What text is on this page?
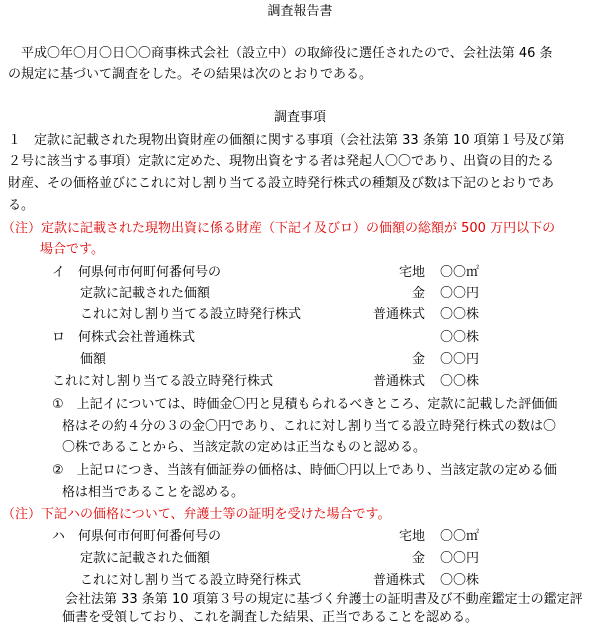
調査報告書
　平成〇年〇月〇日〇〇商事株式会社（設立中）の取締役に選任されたので、会社法第 46 条
の規定に基づいて調査をした。その結果は次のとおりである。
調査事項
１　定款に記載された現物出資財産の価額に関する事項（会社法第 33 条第 10 項第１号及び第
２号に該当する事項）定款に定めた、現物出資をする者は発起人〇〇であり、出資の目的たる
財産、その価格並びにこれに対し割り当てる設立時発行株式の種類及び数は下記のとおりであ
る。
（注）定款に記載された現物出資に係る財産（下記イ及びロ）の価額の総額が 500 万円以下の
場合です。
イ　何県何市何町何番何号の	宅地 〇〇㎡
定款に記載された価額	金 〇〇円
これに対し割り当てる設立時発行株式	普通株式 〇〇株
ロ　何株式会社普通株式	〇〇株
価額	金 〇〇円
これに対し割り当てる設立時発行株式	普通株式 〇〇株
①　上記イについては、時価金〇円と見積もられるべきところ、定款に記載した評価価
格はその約４分の３の金〇円であり、これに対し割り当てる設立時発行株式の数は〇
〇株であることから、当該定款の定めは正当なものと認める。
②　上記ロにつき、当該有価証券の価格は、時価〇円以上であり、当該定款の定める価
格は相当であることを認める。
（注）下記ハの価格について、弁護士等の証明を受けた場合です。
ハ　何県何市何町何番何号の	宅地 〇〇㎡
定款に記載された価額	金 〇〇円
これに対し割り当てる設立時発行株式	普通株式 〇〇株
　会社法第 33 条第 10 項第３号の規定に基づく弁護士の証明書及び不動産鑑定士の鑑定評
価書を受領しており、これを調査した結果、正当であることを認める。
